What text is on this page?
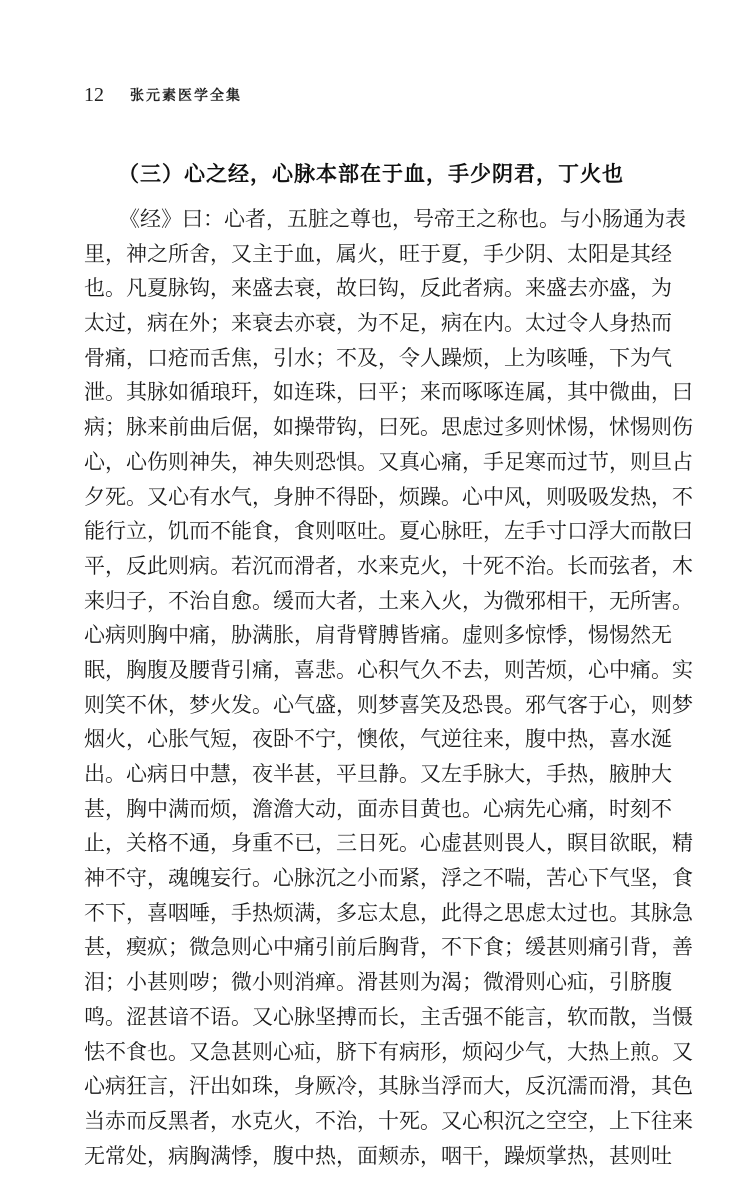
12 张元素医学全集
（三）心之经，心脉本部在于血，手少阴君，丁火也
《经》曰：心者，五脏之尊也，号帝王之称也。与小肠通为表
里，神之所舍，又主于血，属火，旺于夏，手少阴、太阳是其经
也。凡夏脉钩，来盛去衰，故曰钩，反此者病。来盛去亦盛，为
太过，病在外；来衰去亦衰，为不足，病在内。太过令人身热而
骨痛，口疮而舌焦，引水；不及，令人躁烦，上为咳唾，下为气
泄。其脉如循琅玕，如连珠，曰平；来而啄啄连属，其中微曲，曰
病；脉来前曲后倨，如操带钩，曰死。思虑过多则怵惕，怵惕则伤
心，心伤则神失，神失则恐惧。又真心痛，手足寒而过节，则旦占
夕死。又心有水气，身肿不得卧，烦躁。心中风，则吸吸发热，不
能行立，饥而不能食，食则呕吐。夏心脉旺，左手寸口浮大而散曰
平，反此则病。若沉而滑者，水来克火，十死不治。长而弦者，木
来归子，不治自愈。缓而大者，土来入火，为微邪相干，无所害。
心病则胸中痛，胁满胀，肩背臂膊皆痛。虚则多惊悸，惕惕然无
眠，胸腹及腰背引痛，喜悲。心积气久不去，则苦烦，心中痛。实
则笑不休，梦火发。心气盛，则梦喜笑及恐畏。邪气客于心，则梦
烟火，心胀气短，夜卧不宁，懊侬，气逆往来，腹中热，喜水涎
出。心病日中慧，夜半甚，平旦静。又左手脉大，手热，腋肿大
甚，胸中满而烦，澹澹大动，面赤目黄也。心病先心痛，时刻不
止，关格不通，身重不已，三日死。心虚甚则畏人，瞑目欲眠，精
神不守，魂魄妄行。心脉沉之小而紧，浮之不喘，苦心下气坚，食
不下，喜咽唾，手热烦满，多忘太息，此得之思虑太过也。其脉急
甚，瘈疭；微急则心中痛引前后胸背，不下食；缓甚则痛引背，善
泪；小甚则哕；微小则消瘅。滑甚则为渴；微滑则心疝，引脐腹
鸣。涩甚谙不语。又心脉坚搏而长，主舌强不能言，软而散，当慑
怯不食也。又急甚则心疝，脐下有病形，烦闷少气，大热上煎。又
心病狂言，汗出如珠，身厥冷，其脉当浮而大，反沉濡而滑，其色
当赤而反黑者，水克火，不治，十死。又心积沉之空空，上下往来
无常处，病胸满悸，腹中热，面颊赤，咽干，躁烦掌热，甚则吐
